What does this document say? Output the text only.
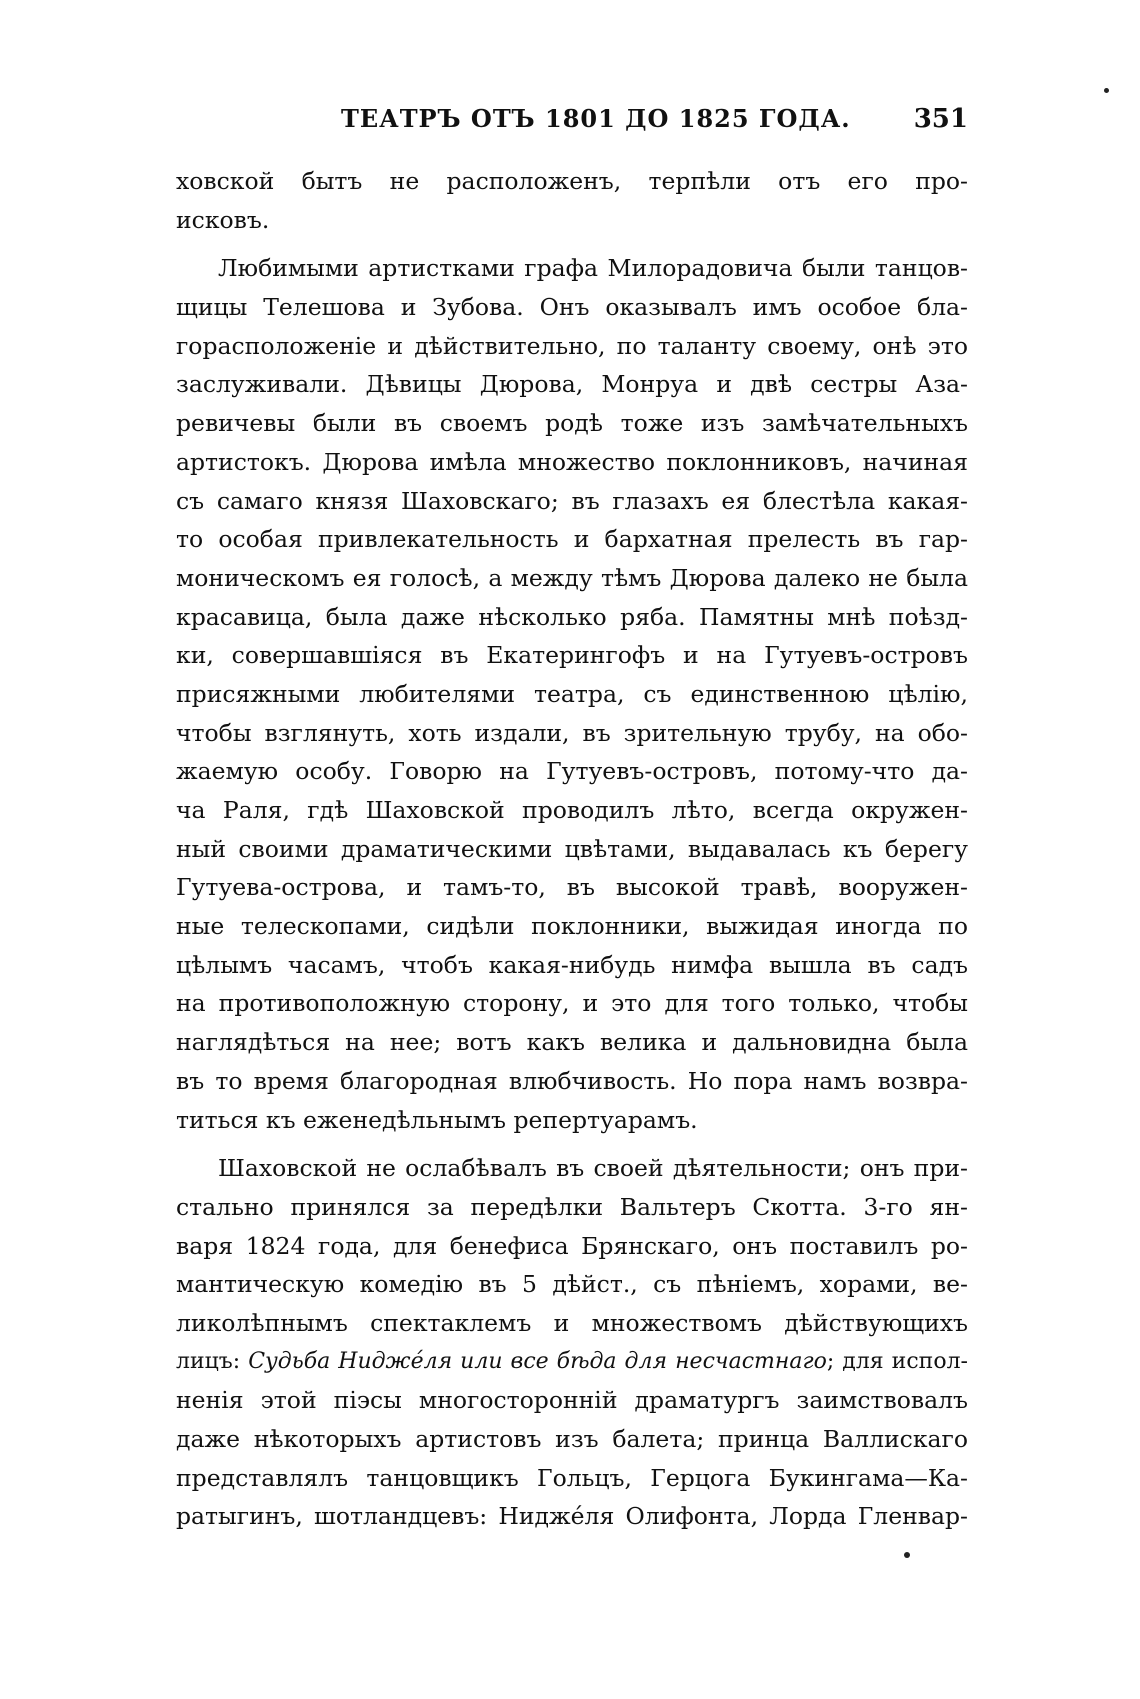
ТЕАТРЪ ОТЪ 1801 ДО 1825 ГОДА. 351
ховской бытъ не расположенъ, терпѣли отъ его про-
исковъ.
Любимыми артистками графа Милорадовича были танцов-
щицы Телешова и Зубова. Онъ оказывалъ имъ особое бла-
горасположеніе и дѣйствительно, по таланту своему, онѣ это
заслуживали. Дѣвицы Дюрова, Монруа и двѣ сестры Аза-
ревичевы были въ своемъ родѣ тоже изъ замѣчательныхъ
артистокъ. Дюрова имѣла множество поклонниковъ, начиная
съ самаго князя Шаховскаго; въ глазахъ ея блестѣла какая-
то особая привлекательность и бархатная прелесть въ гар-
моническомъ ея голосѣ, а между тѣмъ Дюрова далеко не была
красавица, была даже нѣсколько ряба. Памятны мнѣ поѣзд-
ки, совершавшіяся въ Екатерингофъ и на Гутуевъ-островъ
присяжными любителями театра, съ единственною цѣлію,
чтобы взглянуть, хоть издали, въ зрительную трубу, на обо-
жаемую особу. Говорю на Гутуевъ-островъ, потому-что да-
ча Раля, гдѣ Шаховской проводилъ лѣто, всегда окружен-
ный своими драматическими цвѣтами, выдавалась къ берегу
Гутуева-острова, и тамъ-то, въ высокой травѣ, вооружен-
ные телескопами, сидѣли поклонники, выжидая иногда по
цѣлымъ часамъ, чтобъ какая-нибудь нимфа вышла въ садъ
на противоположную сторону, и это для того только, чтобы
наглядѣться на нее; вотъ какъ велика и дальновидна была
въ то время благородная влюбчивость. Но пора намъ возвра-
титься къ еженедѣльнымъ репертуарамъ.
Шаховской не ослабѣвалъ въ своей дѣятельности; онъ при-
стально принялся за передѣлки Вальтеръ Скотта. 3-го ян-
варя 1824 года, для бенефиса Брянскаго, онъ поставилъ ро-
мантическую комедію въ 5 дѣйст., съ пѣніемъ, хорами, ве-
ликолѣпнымъ спектаклемъ и множествомъ дѣйствующихъ
лицъ: Судьба Нидже́ля или все бѣда для несчастнаго; для испол-
ненія этой піэсы многосторонній драматургъ заимствовалъ
даже нѣкоторыхъ артистовъ изъ балета; принца Валлискаго
представлялъ танцовщикъ Гольцъ, Герцога Букингама—Ка-
ратыгинъ, шотландцевъ: Нидже́ля Олифонта, Лорда Гленвар-
